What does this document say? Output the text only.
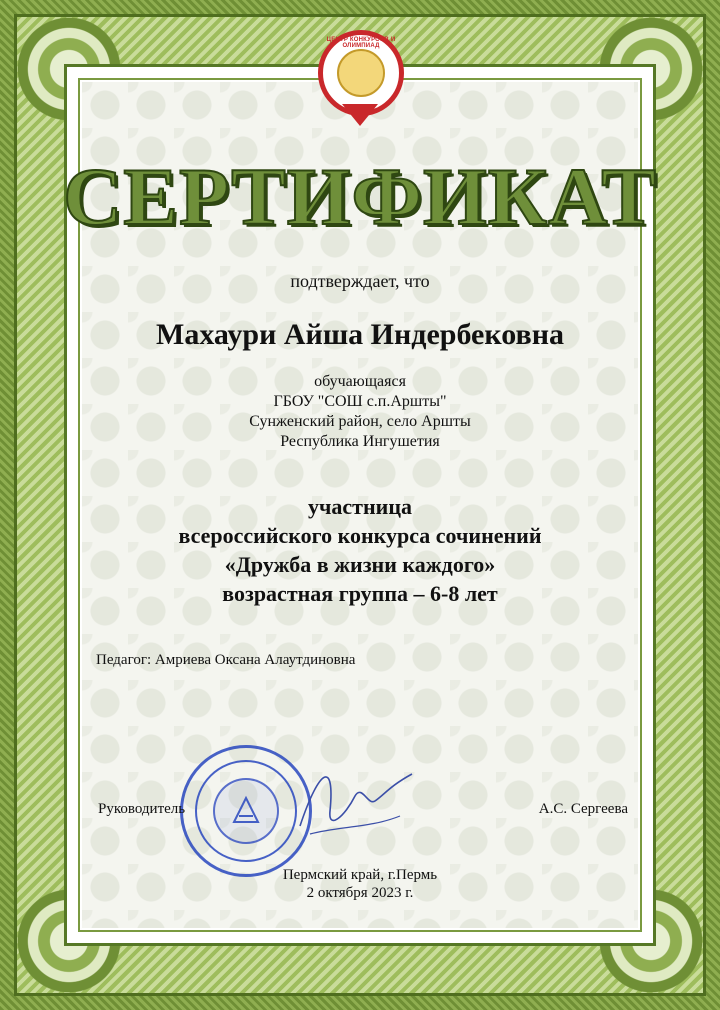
ЦЕНТР КОНКУРСОВ И ОЛИМПИАД
СЕРТИФИКАТ
подтверждает, что
Махаури Айша Индербековна
обучающаяся
ГБОУ "СОШ с.п.Аршты"
Сунженский район, село Аршты
Республика Ингушетия
участница
всероссийского конкурса сочинений
«Дружба в жизни каждого»
возрастная группа – 6-8 лет
Педагог: Амриева Оксана Алаутдиновна
Руководитель	А.С. Сергеева
Пермский край, г.Пермь
2 октября 2023 г.
